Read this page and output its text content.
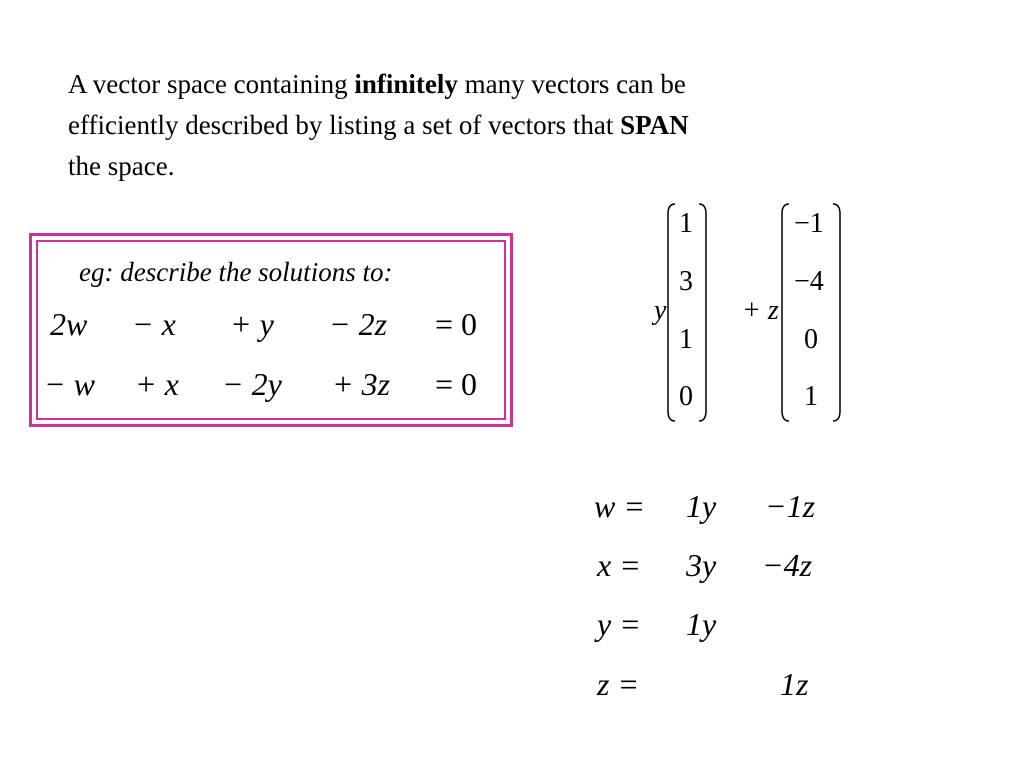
A vector space containing infinitely many vectors can be
efficiently described by listing a set of vectors that SPAN
the space.
eg: describe the solutions to:
2w − x + y − 2z = 0
− w + x − 2y + 3z = 0
y
1
3
1
0
+ z
−1
−4
0
1
w = 1y −1z
x = 3y −4z
y = 1y
z =	1z
